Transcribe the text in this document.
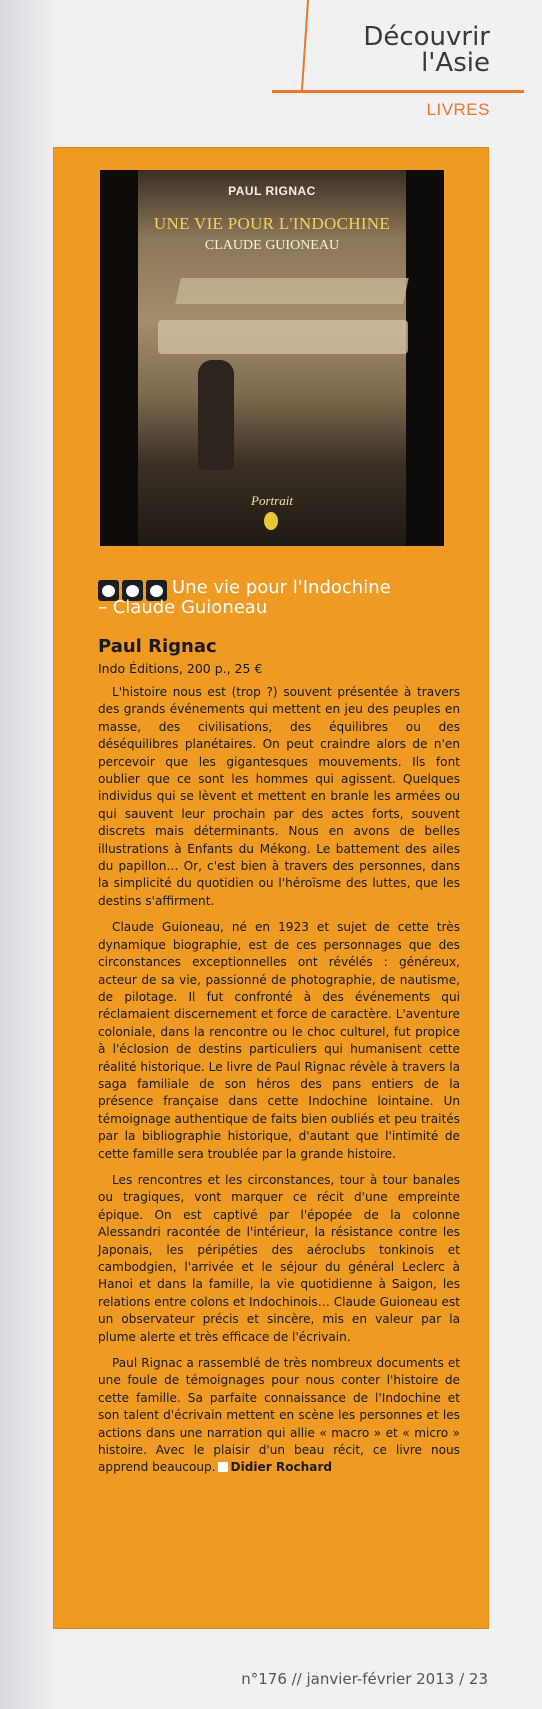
Découvrir
l'Asie
LIVRES
PAUL RIGNAC
UNE VIE POUR L'INDOCHINE
CLAUDE GUIONEAU
Portrait
Une vie pour l'Indochine
– Claude Guioneau
Paul Rignac
Indo Éditions, 200 p., 25 €

L'histoire nous est (trop ?) souvent présentée à travers des grands événements qui mettent en jeu des peuples en masse, des civilisations, des équilibres ou des déséquilibres planétaires. On peut craindre alors de n'en percevoir que les gigantesques mouvements. Ils font oublier que ce sont les hommes qui agissent. Quelques individus qui se lèvent et mettent en branle les armées ou qui sauvent leur prochain par des actes forts, souvent discrets mais déterminants. Nous en avons de belles illustrations à Enfants du Mékong. Le battement des ailes du papillon… Or, c'est bien à travers des personnes, dans la simplicité du quotidien ou l'héroïsme des luttes, que les destins s'affirment.

Claude Guioneau, né en 1923 et sujet de cette très dynamique biographie, est de ces personnages que des circonstances exceptionnelles ont révélés : généreux, acteur de sa vie, passionné de photographie, de nautisme, de pilotage. Il fut confronté à des événements qui réclamaient discernement et force de caractère. L'aventure coloniale, dans la rencontre ou le choc culturel, fut propice à l'éclosion de destins particuliers qui humanisent cette réalité historique. Le livre de Paul Rignac révèle à travers la saga familiale de son héros des pans entiers de la présence française dans cette Indochine lointaine. Un témoignage authentique de faits bien oubliés et peu traités par la bibliographie historique, d'autant que l'intimité de cette famille sera troublée par la grande histoire.

Les rencontres et les circonstances, tour à tour banales ou tragiques, vont marquer ce récit d'une empreinte épique. On est captivé par l'épopée de la colonne Alessandri racontée de l'intérieur, la résistance contre les Japonais, les péripéties des aéroclubs tonkinois et cambodgien, l'arrivée et le séjour du général Leclerc à Hanoi et dans la famille, la vie quotidienne à Saigon, les relations entre colons et Indochinois… Claude Guioneau est un observateur précis et sincère, mis en valeur par la plume alerte et très efficace de l'écrivain.

Paul Rignac a rassemblé de très nombreux documents et une foule de témoignages pour nous conter l'histoire de cette famille. Sa parfaite connaissance de l'Indochine et son talent d'écrivain mettent en scène les personnes et les actions dans une narration qui allie « macro » et « micro » histoire. Avec le plaisir d'un beau récit, ce livre nous apprend beaucoup. Didier Rochard

n°176 // janvier-février 2013 / 23
